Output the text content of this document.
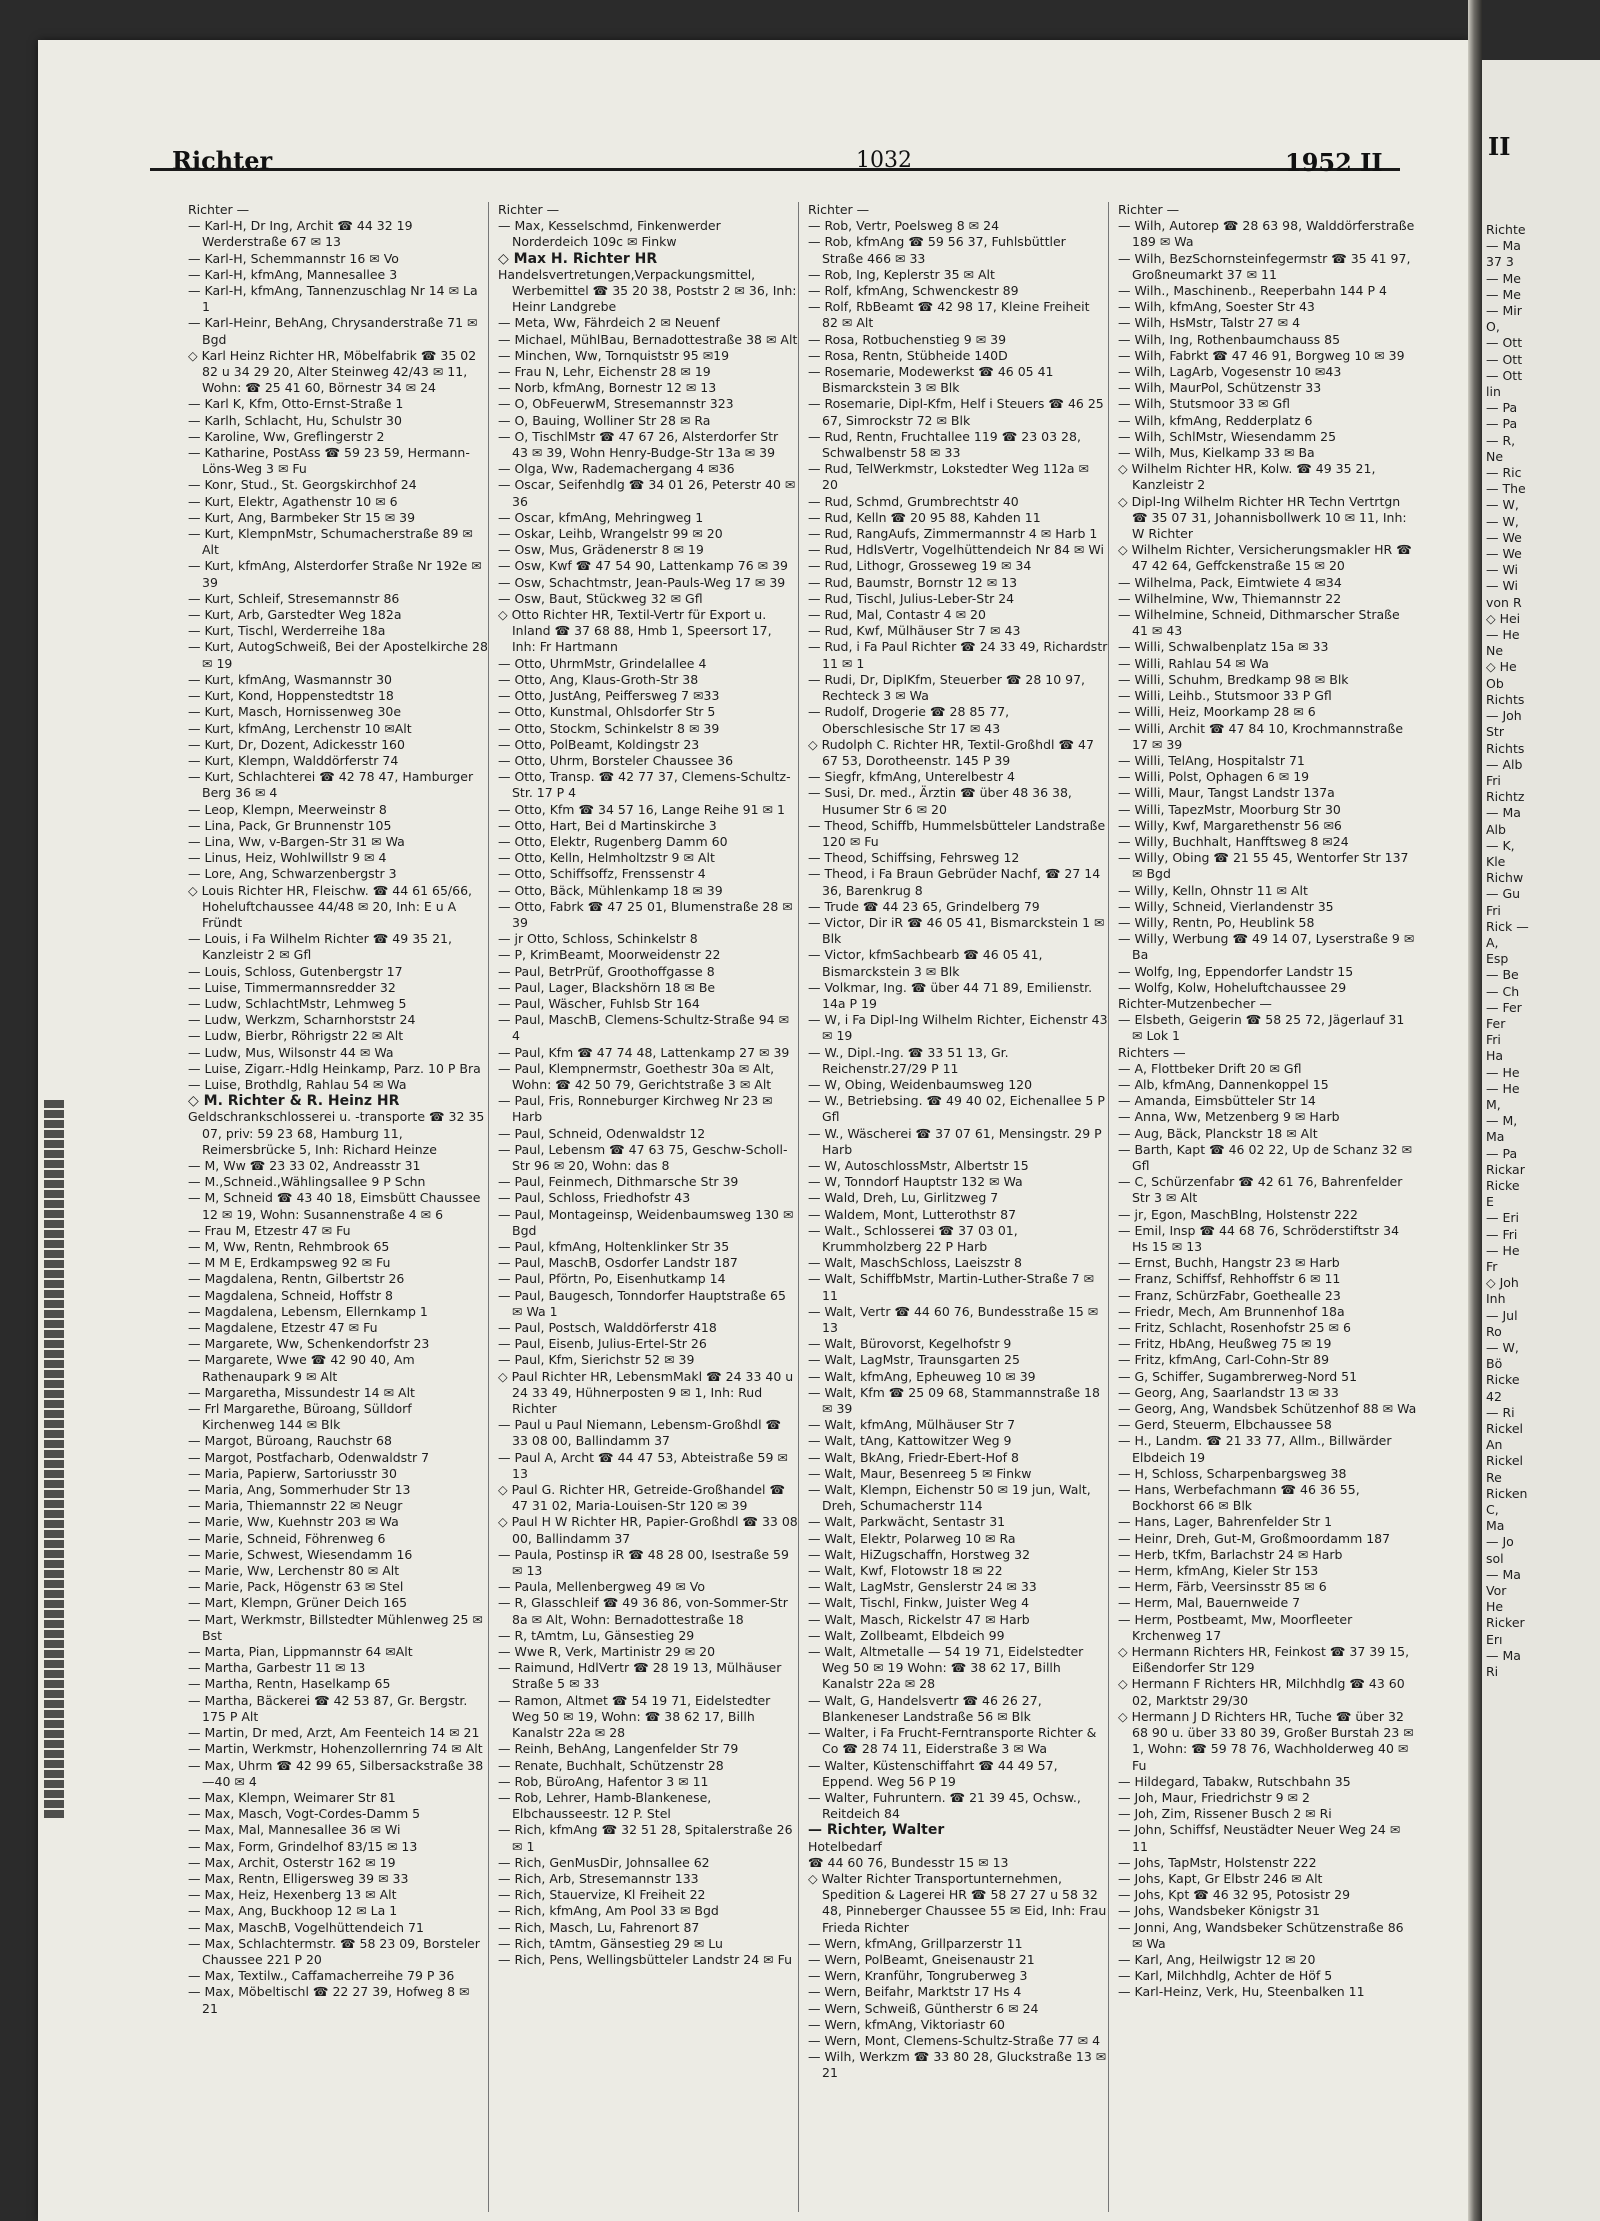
Richter	1032	1952 II
Richter —
— Karl-H, Dr Ing, Archit ☎ 44 32 19 Werderstraße 67 ✉ 13
— Karl-H, Schemmannstr 16 ✉ Vo
— Karl-H, kfmAng, Mannesallee 3
— Karl-H, kfmAng, Tannenzuschlag Nr 14 ✉ La 1
— Karl-Heinr, BehAng, Chrysanderstraße 71 ✉ Bgd
◇ Karl Heinz Richter HR, Möbelfabrik ☎ 35 02 82 u 34 29 20, Alter Steinweg 42/43 ✉ 11, Wohn: ☎ 25 41 60, Börnestr 34 ✉ 24
— Karl K, Kfm, Otto-Ernst-Straße 1
— Karlh, Schlacht, Hu, Schulstr 30
— Karoline, Ww, Greflingerstr 2
— Katharine, PostAss ☎ 59 23 59, Hermann-Löns-Weg 3 ✉ Fu
— Konr, Stud., St. Georgskirchhof 24
— Kurt, Elektr, Agathenstr 10 ✉ 6
— Kurt, Ang, Barmbeker Str 15 ✉ 39
— Kurt, KlempnMstr, Schumacherstraße 89 ✉ Alt
— Kurt, kfmAng, Alsterdorfer Straße Nr 192e ✉ 39
— Kurt, Schleif, Stresemannstr 86
— Kurt, Arb, Garstedter Weg 182a
— Kurt, Tischl, Werderreihe 18a
— Kurt, AutogSchweiß, Bei der Apostelkirche 28 ✉ 19
— Kurt, kfmAng, Wasmannstr 30
— Kurt, Kond, Hoppenstedtstr 18
— Kurt, Masch, Hornissenweg 30e
— Kurt, kfmAng, Lerchenstr 10 ✉Alt
— Kurt, Dr, Dozent, Adickesstr 160
— Kurt, Klempn, Walddörferstr 74
— Kurt, Schlachterei ☎ 42 78 47, Hamburger Berg 36 ✉ 4
— Leop, Klempn, Meerweinstr 8
— Lina, Pack, Gr Brunnenstr 105
— Lina, Ww, v-Bargen-Str 31 ✉ Wa
— Linus, Heiz, Wohlwillstr 9 ✉ 4
— Lore, Ang, Schwarzenbergstr 3
◇ Louis Richter HR, Fleischw. ☎ 44 61 65/66, Hoheluftchaussee 44/48 ✉ 20, Inh: E u A Fründt
— Louis, i Fa Wilhelm Richter ☎ 49 35 21, Kanzleistr 2 ✉ Gfl
— Louis, Schloss, Gutenbergstr 17
— Luise, Timmermannsredder 32
— Ludw, SchlachtMstr, Lehmweg 5
— Ludw, Werkzm, Scharnhorststr 24
— Ludw, Bierbr, Röhrigstr 22 ✉ Alt
— Ludw, Mus, Wilsonstr 44 ✉ Wa
— Luise, Zigarr.-Hdlg Heinkamp, Parz. 10 P Bra
— Luise, Brothdlg, Rahlau 54 ✉ Wa
◇ M. Richter & R. Heinz HR
Geldschrankschlosserei u. -transporte ☎ 32 35 07, priv: 59 23 68, Hamburg 11, Reimersbrücke 5, Inh: Richard Heinze
— M, Ww ☎ 23 33 02, Andreasstr 31
— M.,Schneid.,Wählingsallee 9 P Schn
— M, Schneid ☎ 43 40 18, Eimsbütt Chaussee 12 ✉ 19, Wohn: Susannenstraße 4 ✉ 6
— Frau M, Etzestr 47 ✉ Fu
— M, Ww, Rentn, Rehmbrook 65
— M M E, Erdkampsweg 92 ✉ Fu
— Magdalena, Rentn, Gilbertstr 26
— Magdalena, Schneid, Hoffstr 8
— Magdalena, Lebensm, Ellernkamp 1
— Magdalene, Etzestr 47 ✉ Fu
— Margarete, Ww, Schenkendorfstr 23
— Margarete, Wwe ☎ 42 90 40, Am Rathenaupark 9 ✉ Alt
— Margaretha, Missundestr 14 ✉ Alt
— Frl Margarethe, Büroang, Sülldorf Kirchenweg 144 ✉ Blk
— Margot, Büroang, Rauchstr 68
— Margot, Postfacharb, Odenwaldstr 7
— Maria, Papierw, Sartoriusstr 30
— Maria, Ang, Sommerhuder Str 13
— Maria, Thiemannstr 22 ✉ Neugr
— Marie, Ww, Kuehnstr 203 ✉ Wa
— Marie, Schneid, Föhrenweg 6
— Marie, Schwest, Wiesendamm 16
— Marie, Ww, Lerchenstr 80 ✉ Alt
— Marie, Pack, Högenstr 63 ✉ Stel
— Mart, Klempn, Grüner Deich 165
— Mart, Werkmstr, Billstedter Mühlenweg 25 ✉ Bst
— Marta, Pian, Lippmannstr 64 ✉Alt
— Martha, Garbestr 11 ✉ 13
— Martha, Rentn, Haselkamp 65
— Martha, Bäckerei ☎ 42 53 87, Gr. Bergstr. 175 P Alt
— Martin, Dr med, Arzt, Am Feenteich 14 ✉ 21
— Martin, Werkmstr, Hohenzollernring 74 ✉ Alt
— Max, Uhrm ☎ 42 99 65, Silbersackstraße 38—40 ✉ 4
— Max, Klempn, Weimarer Str 81
— Max, Masch, Vogt-Cordes-Damm 5
— Max, Mal, Mannesallee 36 ✉ Wi
— Max, Form, Grindelhof 83/15 ✉ 13
— Max, Archit, Osterstr 162 ✉ 19
— Max, Rentn, Elligersweg 39 ✉ 33
— Max, Heiz, Hexenberg 13 ✉ Alt
— Max, Ang, Buckhoop 12 ✉ La 1
— Max, MaschB, Vogelhüttendeich 71
— Max, Schlachtermstr. ☎ 58 23 09, Borsteler Chaussee 221 P 20
— Max, Textilw., Caffamacherreihe 79 P 36
— Max, Möbeltischl ☎ 22 27 39, Hofweg 8 ✉ 21
Richter —
— Max, Kesselschmd, Finkenwerder Norderdeich 109c ✉ Finkw
◇ Max H. Richter HR
Handelsvertretungen,Verpackungsmittel, Werbemittel ☎ 35 20 38, Poststr 2 ✉ 36, Inh: Heinr Landgrebe
— Meta, Ww, Fährdeich 2 ✉ Neuenf
— Michael, MühlBau, Bernadottestraße 38 ✉ Alt
— Minchen, Ww, Tornquiststr 95 ✉19
— Frau N, Lehr, Eichenstr 28 ✉ 19
— Norb, kfmAng, Bornestr 12 ✉ 13
— O, ObFeuerwM, Stresemannstr 323
— O, Bauing, Wolliner Str 28 ✉ Ra
— O, TischlMstr ☎ 47 67 26, Alsterdorfer Str 43 ✉ 39, Wohn Henry-Budge-Str 13a ✉ 39
— Olga, Ww, Rademachergang 4 ✉36
— Oscar, Seifenhdlg ☎ 34 01 26, Peterstr 40 ✉ 36
— Oscar, kfmAng, Mehringweg 1
— Oskar, Leihb, Wrangelstr 99 ✉ 20
— Osw, Mus, Grädenerstr 8 ✉ 19
— Osw, Kwf ☎ 47 54 90, Lattenkamp 76 ✉ 39
— Osw, Schachtmstr, Jean-Pauls-Weg 17 ✉ 39
— Osw, Baut, Stückweg 32 ✉ Gfl
◇ Otto Richter HR, Textil-Vertr für Export u. Inland ☎ 37 68 88, Hmb 1, Speersort 17, Inh: Fr Hartmann
— Otto, UhrmMstr, Grindelallee 4
— Otto, Ang, Klaus-Groth-Str 38
— Otto, JustAng, Peiffersweg 7 ✉33
— Otto, Kunstmal, Ohlsdorfer Str 5
— Otto, Stockm, Schinkelstr 8 ✉ 39
— Otto, PolBeamt, Koldingstr 23
— Otto, Uhrm, Borsteler Chaussee 36
— Otto, Transp. ☎ 42 77 37, Clemens-Schultz-Str. 17 P 4
— Otto, Kfm ☎ 34 57 16, Lange Reihe 91 ✉ 1
— Otto, Hart, Bei d Martinskirche 3
— Otto, Elektr, Rugenberg Damm 60
— Otto, Kelln, Helmholtzstr 9 ✉ Alt
— Otto, Schiffsoffz, Frenssenstr 4
— Otto, Bäck, Mühlenkamp 18 ✉ 39
— Otto, Fabrk ☎ 47 25 01, Blumenstraße 28 ✉ 39
— jr Otto, Schloss, Schinkelstr 8
— P, KrimBeamt, Moorweidenstr 22
— Paul, BetrPrüf, Groothoffgasse 8
— Paul, Lager, Blackshörn 18 ✉ Be
— Paul, Wäscher, Fuhlsb Str 164
— Paul, MaschB, Clemens-Schultz-Straße 94 ✉ 4
— Paul, Kfm ☎ 47 74 48, Lattenkamp 27 ✉ 39
— Paul, Klempnermstr, Goethestr 30a ✉ Alt, Wohn: ☎ 42 50 79, Gerichtstraße 3 ✉ Alt
— Paul, Fris, Ronneburger Kirchweg Nr 23 ✉ Harb
— Paul, Schneid, Odenwaldstr 12
— Paul, Lebensm ☎ 47 63 75, Geschw-Scholl-Str 96 ✉ 20, Wohn: das 8
— Paul, Feinmech, Dithmarsche Str 39
— Paul, Schloss, Friedhofstr 43
— Paul, Montageinsp, Weidenbaumsweg 130 ✉ Bgd
— Paul, kfmAng, Holtenklinker Str 35
— Paul, MaschB, Osdorfer Landstr 187
— Paul, Pförtn, Po, Eisenhutkamp 14
— Paul, Baugesch, Tonndorfer Hauptstraße 65 ✉ Wa 1
— Paul, Postsch, Walddörferstr 418
— Paul, Eisenb, Julius-Ertel-Str 26
— Paul, Kfm, Sierichstr 52 ✉ 39
◇ Paul Richter HR, LebensmMakl ☎ 24 33 40 u 24 33 49, Hühnerposten 9 ✉ 1, Inh: Rud Richter
— Paul u Paul Niemann, Lebensm-Großhdl ☎ 33 08 00, Ballindamm 37
— Paul A, Archt ☎ 44 47 53, Abteistraße 59 ✉ 13
◇ Paul G. Richter HR, Getreide-Großhandel ☎ 47 31 02, Maria-Louisen-Str 120 ✉ 39
◇ Paul H W Richter HR, Papier-Großhdl ☎ 33 08 00, Ballindamm 37
— Paula, Postinsp iR ☎ 48 28 00, Isestraße 59 ✉ 13
— Paula, Mellenbergweg 49 ✉ Vo
— R, Glasschleif ☎ 49 36 86, von-Sommer-Str 8a ✉ Alt, Wohn: Bernadottestraße 18
— R, tAmtm, Lu, Gänsestieg 29
— Wwe R, Verk, Martinistr 29 ✉ 20
— Raimund, HdlVertr ☎ 28 19 13, Mülhäuser Straße 5 ✉ 33
— Ramon, Altmet ☎ 54 19 71, Eidelstedter Weg 50 ✉ 19, Wohn: ☎ 38 62 17, Billh Kanalstr 22a ✉ 28
— Reinh, BehAng, Langenfelder Str 79
— Renate, Buchhalt, Schützenstr 28
— Rob, BüroAng, Hafentor 3 ✉ 11
— Rob, Lehrer, Hamb-Blankenese, Elbchausseestr. 12 P. Stel
— Rich, kfmAng ☎ 32 51 28, Spitalerstraße 26 ✉ 1
— Rich, GenMusDir, Johnsallee 62
— Rich, Arb, Stresemannstr 133
— Rich, Stauervize, Kl Freiheit 22
— Rich, kfmAng, Am Pool 33 ✉ Bgd
— Rich, Masch, Lu, Fahrenort 87
— Rich, tAmtm, Gänsestieg 29 ✉ Lu
— Rich, Pens, Wellingsbütteler Landstr 24 ✉ Fu
Richter —
— Rob, Vertr, Poelsweg 8 ✉ 24
— Rob, kfmAng ☎ 59 56 37, Fuhlsbüttler Straße 466 ✉ 33
— Rob, Ing, Keplerstr 35 ✉ Alt
— Rolf, kfmAng, Schwenckestr 89
— Rolf, RbBeamt ☎ 42 98 17, Kleine Freiheit 82 ✉ Alt
— Rosa, Rotbuchenstieg 9 ✉ 39
— Rosa, Rentn, Stübheide 140D
— Rosemarie, Modewerkst ☎ 46 05 41 Bismarckstein 3 ✉ Blk
— Rosemarie, Dipl-Kfm, Helf i Steuers ☎ 46 25 67, Simrockstr 72 ✉ Blk
— Rud, Rentn, Fruchtallee 119 ☎ 23 03 28, Schwalbenstr 58 ✉ 33
— Rud, TelWerkmstr, Lokstedter Weg 112a ✉ 20
— Rud, Schmd, Grumbrechtstr 40
— Rud, Kelln ☎ 20 95 88, Kahden 11
— Rud, RangAufs, Zimmermannstr 4 ✉ Harb 1
— Rud, HdlsVertr, Vogelhüttendeich Nr 84 ✉ Wi
— Rud, Lithogr, Grosseweg 19 ✉ 34
— Rud, Baumstr, Bornstr 12 ✉ 13
— Rud, Tischl, Julius-Leber-Str 24
— Rud, Mal, Contastr 4 ✉ 20
— Rud, Kwf, Mülhäuser Str 7 ✉ 43
— Rud, i Fa Paul Richter ☎ 24 33 49, Richardstr 11 ✉ 1
— Rudi, Dr, DiplKfm, Steuerber ☎ 28 10 97, Rechteck 3 ✉ Wa
— Rudolf, Drogerie ☎ 28 85 77, Oberschlesische Str 17 ✉ 43
◇ Rudolph C. Richter HR, Textil-Großhdl ☎ 47 67 53, Dorotheenstr. 145 P 39
— Siegfr, kfmAng, Unterelbestr 4
— Susi, Dr. med., Ärztin ☎ über 48 36 38, Husumer Str 6 ✉ 20
— Theod, Schiffb, Hummelsbütteler Landstraße 120 ✉ Fu
— Theod, Schiffsing, Fehrsweg 12
— Theod, i Fa Braun Gebrüder Nachf, ☎ 27 14 36, Barenkrug 8
— Trude ☎ 44 23 65, Grindelberg 79
— Victor, Dir iR ☎ 46 05 41, Bismarckstein 1 ✉ Blk
— Victor, kfmSachbearb ☎ 46 05 41, Bismarckstein 3 ✉ Blk
— Volkmar, Ing. ☎ über 44 71 89, Emilienstr. 14a P 19
— W, i Fa Dipl-Ing Wilhelm Richter, Eichenstr 43 ✉ 19
— W., Dipl.-Ing. ☎ 33 51 13, Gr. Reichenstr.27/29 P 11
— W, Obing, Weidenbaumsweg 120
— W., Betriebsing. ☎ 49 40 02, Eichenallee 5 P Gfl
— W., Wäscherei ☎ 37 07 61, Mensingstr. 29 P Harb
— W, AutoschlossMstr, Albertstr 15
— W, Tonndorf Hauptstr 132 ✉ Wa
— Wald, Dreh, Lu, Girlitzweg 7
— Waldem, Mont, Lutterothstr 87
— Walt., Schlosserei ☎ 37 03 01, Krummholzberg 22 P Harb
— Walt, MaschSchloss, Laeiszstr 8
— Walt, SchiffbMstr, Martin-Luther-Straße 7 ✉ 11
— Walt, Vertr ☎ 44 60 76, Bundesstraße 15 ✉ 13
— Walt, Bürovorst, Kegelhofstr 9
— Walt, LagMstr, Traunsgarten 25
— Walt, kfmAng, Epheuweg 10 ✉ 39
— Walt, Kfm ☎ 25 09 68, Stammannstraße 18 ✉ 39
— Walt, kfmAng, Mülhäuser Str 7
— Walt, tAng, Kattowitzer Weg 9
— Walt, BkAng, Friedr-Ebert-Hof 8
— Walt, Maur, Besenreeg 5 ✉ Finkw
— Walt, Klempn, Eichenstr 50 ✉ 19 jun, Walt, Dreh, Schumacherstr 114
— Walt, Parkwächt, Sentastr 31
— Walt, Elektr, Polarweg 10 ✉ Ra
— Walt, HiZugschaffn, Horstweg 32
— Walt, Kwf, Flotowstr 18 ✉ 22
— Walt, LagMstr, Genslerstr 24 ✉ 33
— Walt, Tischl, Finkw, Juister Weg 4
— Walt, Masch, Rickelstr 47 ✉ Harb
— Walt, Zollbeamt, Elbdeich 99
— Walt, Altmetalle — 54 19 71, Eidelstedter Weg 50 ✉ 19 Wohn: ☎ 38 62 17, Billh Kanalstr 22a ✉ 28
— Walt, G, Handelsvertr ☎ 46 26 27, Blankeneser Landstraße 56 ✉ Blk
— Walter, i Fa Frucht-Ferntransporte Richter & Co ☎ 28 74 11, Eiderstraße 3 ✉ Wa
— Walter, Küstenschiffahrt ☎ 44 49 57, Eppend. Weg 56 P 19
— Walter, Fuhruntern. ☎ 21 39 45, Ochsw., Reitdeich 84
— Richter, Walter
Hotelbedarf
☎ 44 60 76, Bundesstr 15 ✉ 13
◇ Walter Richter Transportunternehmen, Spedition & Lagerei HR ☎ 58 27 27 u 58 32 48, Pinneberger Chaussee 55 ✉ Eid, Inh: Frau Frieda Richter
— Wern, kfmAng, Grillparzerstr 11
— Wern, PolBeamt, Gneisenaustr 21
— Wern, Kranführ, Tongruberweg 3
— Wern, Beifahr, Marktstr 17 Hs 4
— Wern, Schweiß, Güntherstr 6 ✉ 24
— Wern, kfmAng, Viktoriastr 60
— Wern, Mont, Clemens-Schultz-Straße 77 ✉ 4
— Wilh, Werkzm ☎ 33 80 28, Gluckstraße 13 ✉ 21
Richter —
— Wilh, Autorep ☎ 28 63 98, Walddörferstraße 189 ✉ Wa
— Wilh, BezSchornsteinfegermstr ☎ 35 41 97, Großneumarkt 37 ✉ 11
— Wilh., Maschinenb., Reeperbahn 144 P 4
— Wilh, kfmAng, Soester Str 43
— Wilh, HsMstr, Talstr 27 ✉ 4
— Wilh, Ing, Rothenbaumchauss 85
— Wilh, Fabrkt ☎ 47 46 91, Borgweg 10 ✉ 39
— Wilh, LagArb, Vogesenstr 10 ✉43
— Wilh, MaurPol, Schützenstr 33
— Wilh, Stutsmoor 33 ✉ Gfl
— Wilh, kfmAng, Redderplatz 6
— Wilh, SchlMstr, Wiesendamm 25
— Wilh, Mus, Kielkamp 33 ✉ Ba
◇ Wilhelm Richter HR, Kolw. ☎ 49 35 21, Kanzleistr 2
◇ Dipl-Ing Wilhelm Richter HR Techn Vertrtgn ☎ 35 07 31, Johannisbollwerk 10 ✉ 11, Inh: W Richter
◇ Wilhelm Richter, Versicherungsmakler HR ☎ 47 42 64, Geffckenstraße 15 ✉ 20
— Wilhelma, Pack, Eimtwiete 4 ✉34
— Wilhelmine, Ww, Thiemannstr 22
— Wilhelmine, Schneid, Dithmarscher Straße 41 ✉ 43
— Willi, Schwalbenplatz 15a ✉ 33
— Willi, Rahlau 54 ✉ Wa
— Willi, Schuhm, Bredkamp 98 ✉ Blk
— Willi, Leihb., Stutsmoor 33 P Gfl
— Willi, Heiz, Moorkamp 28 ✉ 6
— Willi, Archit ☎ 47 84 10, Krochmannstraße 17 ✉ 39
— Willi, TelAng, Hospitalstr 71
— Willi, Polst, Ophagen 6 ✉ 19
— Willi, Maur, Tangst Landstr 137a
— Willi, TapezMstr, Moorburg Str 30
— Willy, Kwf, Margarethenstr 56 ✉6
— Willy, Buchhalt, Hanfftsweg 8 ✉24
— Willy, Obing ☎ 21 55 45, Wentorfer Str 137 ✉ Bgd
— Willy, Kelln, Ohnstr 11 ✉ Alt
— Willy, Schneid, Vierlandenstr 35
— Willy, Rentn, Po, Heublink 58
— Willy, Werbung ☎ 49 14 07, Lyserstraße 9 ✉ Ba
— Wolfg, Ing, Eppendorfer Landstr 15
— Wolfg, Kolw, Hoheluftchaussee 29
Richter-Mutzenbecher —
— Elsbeth, Geigerin ☎ 58 25 72, Jägerlauf 31 ✉ Lok 1
Richters —
— A, Flottbeker Drift 20 ✉ Gfl
— Alb, kfmAng, Dannenkoppel 15
— Amanda, Eimsbütteler Str 14
— Anna, Ww, Metzenberg 9 ✉ Harb
— Aug, Bäck, Planckstr 18 ✉ Alt
— Barth, Kapt ☎ 46 02 22, Up de Schanz 32 ✉ Gfl
— C, Schürzenfabr ☎ 42 61 76, Bahrenfelder Str 3 ✉ Alt
— jr, Egon, MaschBlng, Holstenstr 222
— Emil, Insp ☎ 44 68 76, Schröderstiftstr 34 Hs 15 ✉ 13
— Ernst, Buchh, Hangstr 23 ✉ Harb
— Franz, Schiffsf, Rehhoffstr 6 ✉ 11
— Franz, SchürzFabr, Goethealle 23
— Friedr, Mech, Am Brunnenhof 18a
— Fritz, Schlacht, Rosenhofstr 25 ✉ 6
— Fritz, HbAng, Heußweg 75 ✉ 19
— Fritz, kfmAng, Carl-Cohn-Str 89
— G, Schiffer, Sugambrerweg-Nord 51
— Georg, Ang, Saarlandstr 13 ✉ 33
— Georg, Ang, Wandsbek Schützenhof 88 ✉ Wa
— Gerd, Steuerm, Elbchaussee 58
— H., Landm. ☎ 21 33 77, Allm., Billwärder Elbdeich 19
— H, Schloss, Scharpenbargsweg 38
— Hans, Werbefachmann ☎ 46 36 55, Bockhorst 66 ✉ Blk
— Hans, Lager, Bahrenfelder Str 1
— Heinr, Dreh, Gut-M, Großmoordamm 187
— Herb, tKfm, Barlachstr 24 ✉ Harb
— Herm, kfmAng, Kieler Str 153
— Herm, Färb, Veersinsstr 85 ✉ 6
— Herm, Mal, Bauernweide 7
— Herm, Postbeamt, Mw, Moorfleeter Krchenweg 17
◇ Hermann Richters HR, Feinkost ☎ 37 39 15, Eißendorfer Str 129
◇ Hermann F Richters HR, Milchhdlg ☎ 43 60 02, Marktstr 29/30
◇ Hermann J D Richters HR, Tuche ☎ über 32 68 90 u. über 33 80 39, Großer Burstah 23 ✉ 1, Wohn: ☎ 59 78 76, Wachholderweg 40 ✉ Fu
— Hildegard, Tabakw, Rutschbahn 35
— Joh, Maur, Friedrichstr 9 ✉ 2
— Joh, Zim, Rissener Busch 2 ✉ Ri
— John, Schiffsf, Neustädter Neuer Weg 24 ✉ 11
— Johs, TapMstr, Holstenstr 222
— Johs, Kapt, Gr Elbstr 246 ✉ Alt
— Johs, Kpt ☎ 46 32 95, Potosistr 29
— Johs, Wandsbeker Königstr 31
— Jonni, Ang, Wandsbeker Schützenstraße 86 ✉ Wa
— Karl, Ang, Heilwigstr 12 ✉ 20
— Karl, Milchhdlg, Achter de Höf 5
— Karl-Heinz, Verk, Hu, Steenbalken 11
II
Richte
— Ma
37 3
— Me
— Me
— Mir
O,
— Ott
— Ott
— Ott
lin
— Pa
— Pa
— R,
Ne
— Ric
— The
— W,
— W,
— We
— We
— Wi
— Wi
von R
◇ Hei
— He
Ne
◇ He
Ob
Richts
— Joh
Str
Richts
— Alb
Fri
Richtz
— Ma
Alb
— K,
Kle
Richw
— Gu
Fri
Rick —
A,
Esp
— Be
— Ch
— Fer
Fer
Fri
Ha
— He
— He
M,
— M,
Ma
— Pa
Rickar
Ricke
E
— Eri
— Fri
— He
Fr
◇ Joh
Inh
— Jul
Ro
— W,
Bö
Ricke
42
— Ri
Rickel
An
Rickel
Re
Ricken
C,
Ma
— Jo
sol
— Ma
Vor
He
Ricker
Erı
— Ma
Ri
